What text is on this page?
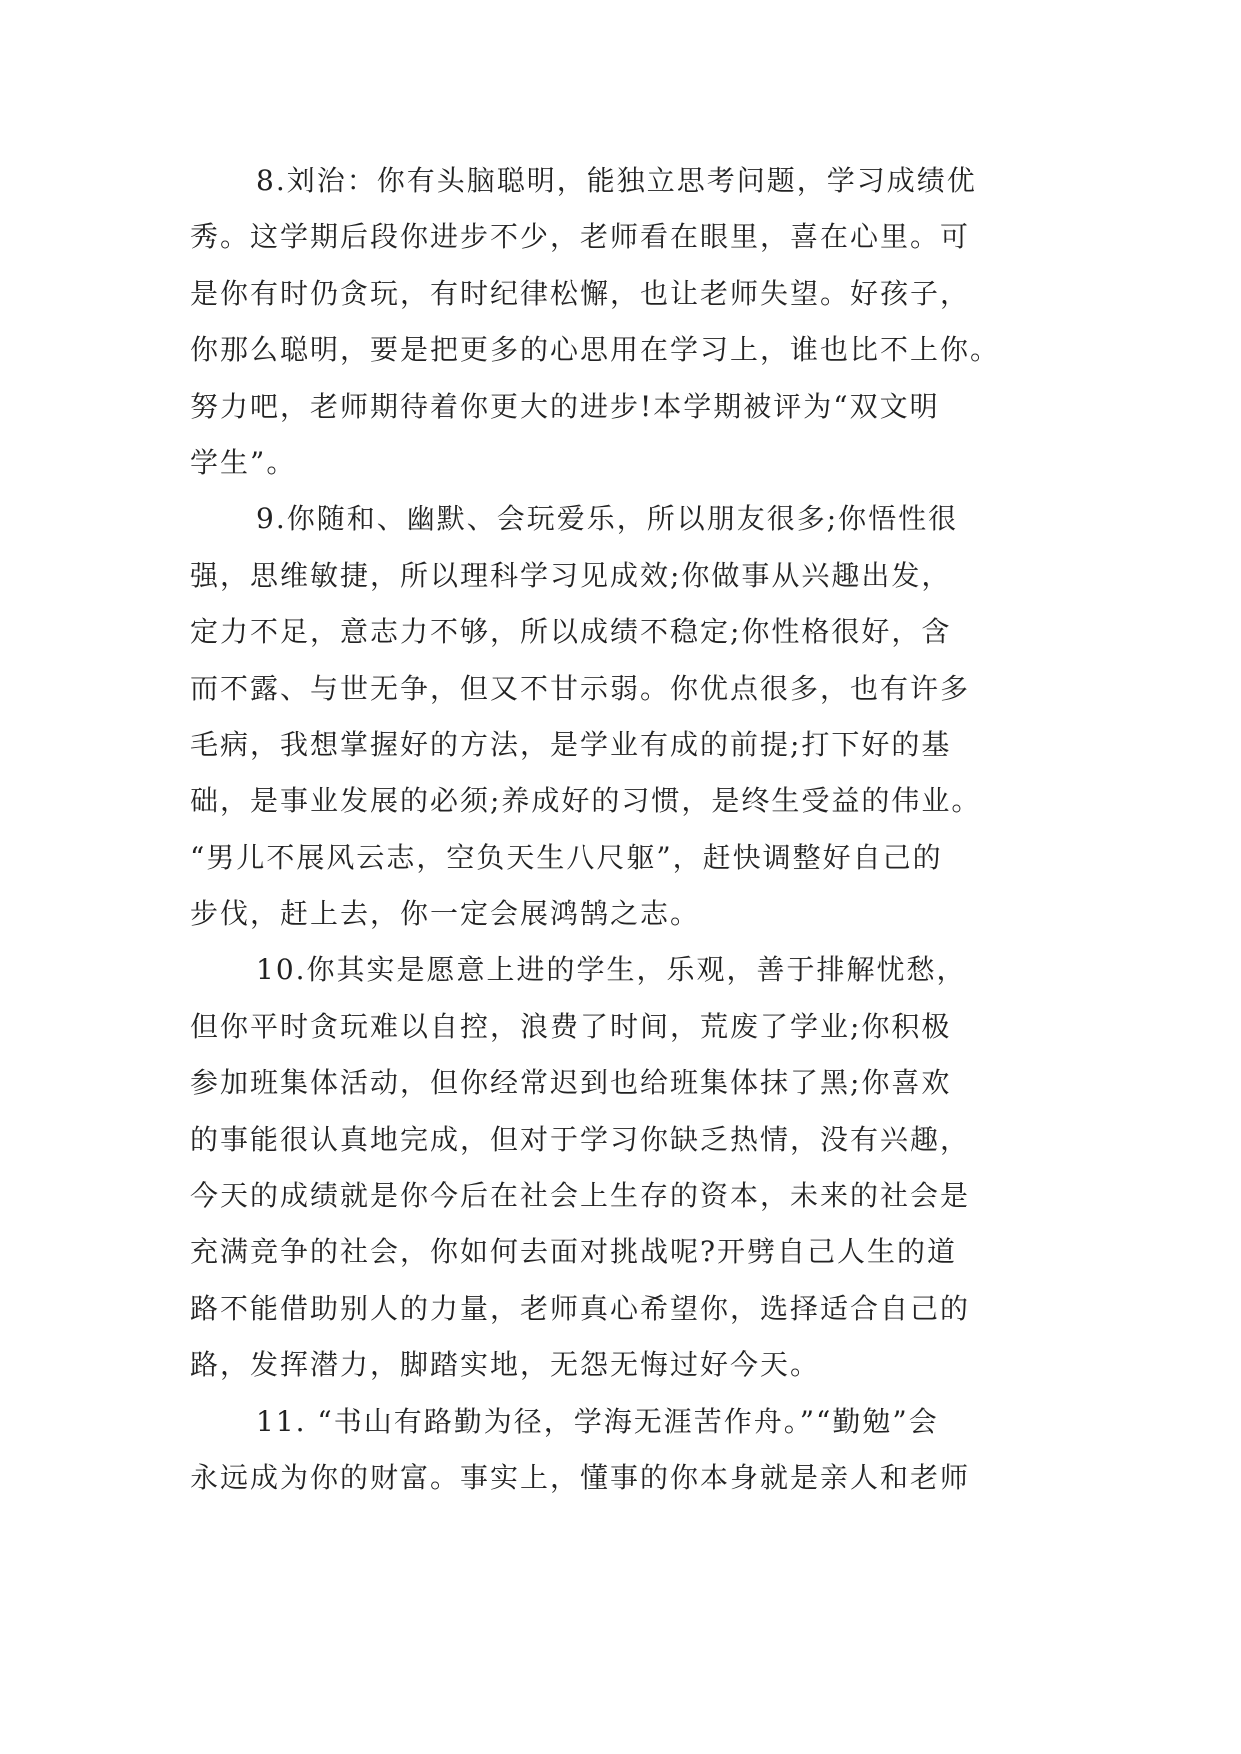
8.刘治：你有头脑聪明，能独立思考问题，学习成绩优
秀。这学期后段你进步不少，老师看在眼里，喜在心里。可
是你有时仍贪玩，有时纪律松懈，也让老师失望。好孩子，
你那么聪明，要是把更多的心思用在学习上，谁也比不上你。
努力吧，老师期待着你更大的进步!本学期被评为“双文明
学生”。
9.你随和、幽默、会玩爱乐，所以朋友很多;你悟性很
强，思维敏捷，所以理科学习见成效;你做事从兴趣出发，
定力不足，意志力不够，所以成绩不稳定;你性格很好，含
而不露、与世无争，但又不甘示弱。你优点很多，也有许多
毛病，我想掌握好的方法，是学业有成的前提;打下好的基
础，是事业发展的必须;养成好的习惯，是终生受益的伟业。
“男儿不展风云志，空负天生八尺躯”，赶快调整好自己的
步伐，赶上去，你一定会展鸿鹄之志。
10.你其实是愿意上进的学生，乐观，善于排解忧愁，
但你平时贪玩难以自控，浪费了时间，荒废了学业;你积极
参加班集体活动，但你经常迟到也给班集体抹了黑;你喜欢
的事能很认真地完成，但对于学习你缺乏热情，没有兴趣，
今天的成绩就是你今后在社会上生存的资本，未来的社会是
充满竞争的社会，你如何去面对挑战呢?开劈自己人生的道
路不能借助别人的力量，老师真心希望你，选择适合自己的
路，发挥潜力，脚踏实地，无怨无悔过好今天。
11. “书山有路勤为径，学海无涯苦作舟。”“勤勉”会
永远成为你的财富。事实上，懂事的你本身就是亲人和老师
